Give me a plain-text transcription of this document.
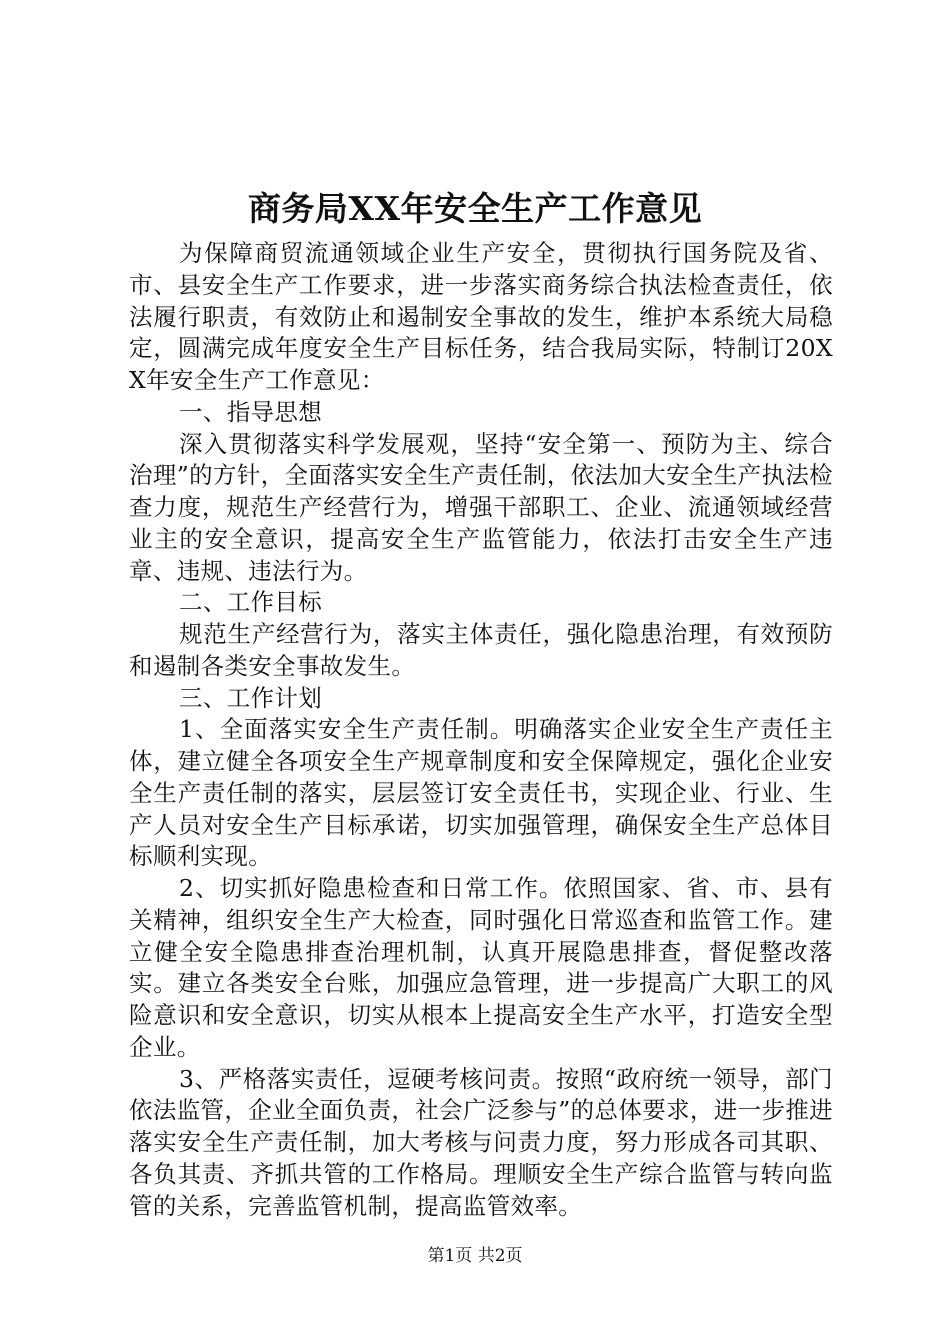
商务局XX年安全生产工作意见

为保障商贸流通领域企业生产安全，贯彻执行国务院及省、市、县安全生产工作要求，进一步落实商务综合执法检查责任，依法履行职责，有效防止和遏制安全事故的发生，维护本系统大局稳定，圆满完成年度安全生产目标任务，结合我局实际，特制订20XX年安全生产工作意见：

一、指导思想

深入贯彻落实科学发展观，坚持“安全第一、预防为主、综合治理”的方针，全面落实安全生产责任制，依法加大安全生产执法检查力度，规范生产经营行为，增强干部职工、企业、流通领域经营业主的安全意识，提高安全生产监管能力，依法打击安全生产违章、违规、违法行为。

二、工作目标

规范生产经营行为，落实主体责任，强化隐患治理，有效预防和遏制各类安全事故发生。

三、工作计划

1、全面落实安全生产责任制。明确落实企业安全生产责任主体，建立健全各项安全生产规章制度和安全保障规定，强化企业安全生产责任制的落实，层层签订安全责任书，实现企业、行业、生产人员对安全生产目标承诺，切实加强管理，确保安全生产总体目标顺利实现。

2、切实抓好隐患检查和日常工作。依照国家、省、市、县有关精神，组织安全生产大检查，同时强化日常巡查和监管工作。建立健全安全隐患排查治理机制，认真开展隐患排查，督促整改落实。建立各类安全台账，加强应急管理，进一步提高广大职工的风险意识和安全意识，切实从根本上提高安全生产水平，打造安全型企业。

3、严格落实责任，逗硬考核问责。按照“政府统一领导，部门依法监管，企业全面负责，社会广泛参与”的总体要求，进一步推进落实安全生产责任制，加大考核与问责力度，努力形成各司其职、各负其责、齐抓共管的工作格局。理顺安全生产综合监管与转向监管的关系，完善监管机制，提高监管效率。

第1页 共2页
